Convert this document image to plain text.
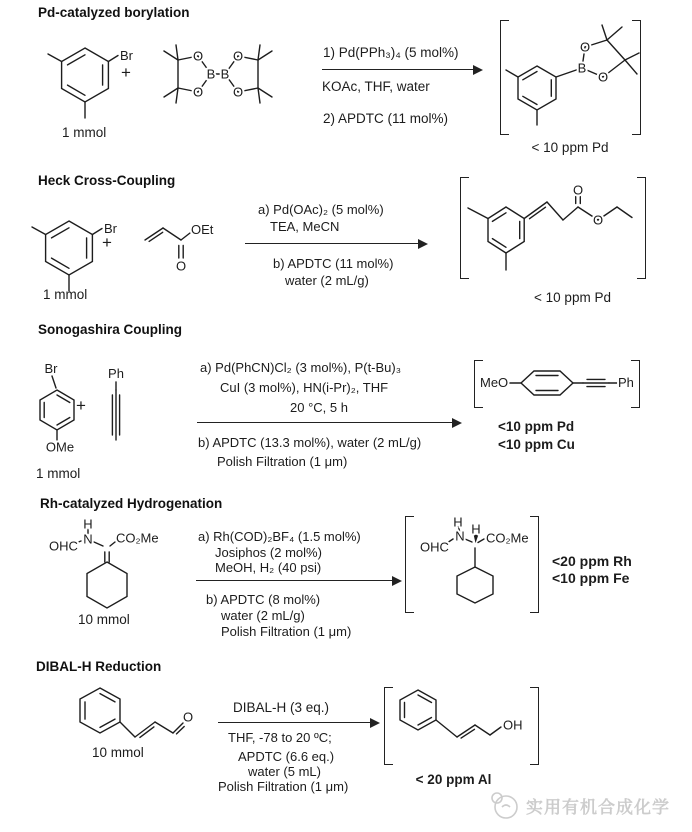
Pd-catalyzed borylation
Br
+
O
O
B B
O
O
1) Pd(PPh₃)₄ (5 mol%)
KOAc, THF, water
2) APDTC (11 mol%)
B
O
O
< 10 ppm Pd
1 mmol
Heck Cross-Coupling
Br
+
OEt
O
a) Pd(OAc)₂ (5 mol%)
TEA, MeCN
b) APDTC (11 mol%)
water (2 mL/g)
O
O
< 10 ppm Pd
1 mmol
Sonogashira Coupling
Br
OMe
+
Ph	a) Pd(PhCN)Cl₂ (3 mol%), P(t-Bu)₃
CuI (3 mol%), HN(i-Pr)₂, THF
20 °C, 5 h
b) APDTC (13.3 mol%), water (2 mL/g)
Polish Filtration (1 μm)
MeO	Ph
<10 ppm Pd
<10 ppm Cu
1 mmol
Rh-catalyzed Hydrogenation
OHC N
H
CO₂Me	a) Rh(COD)₂BF₄ (1.5 mol%)
Josiphos (2 mol%)
MeOH, H₂ (40 psi)
b) APDTC (8 mol%)
water (2 mL/g)
Polish Filtration (1 μm)
OHC
N
H H
CO₂Me
<20 ppm Rh
<10 ppm Fe
10 mmol
DIBAL-H Reduction
O
DIBAL-H (3 eq.)
THF, -78 to 20 ºC;
APDTC (6.6 eq.)
water (5 mL)
Polish Filtration (1 μm)
OH
< 20 ppm Al
10 mmol
实用有机合成化学
